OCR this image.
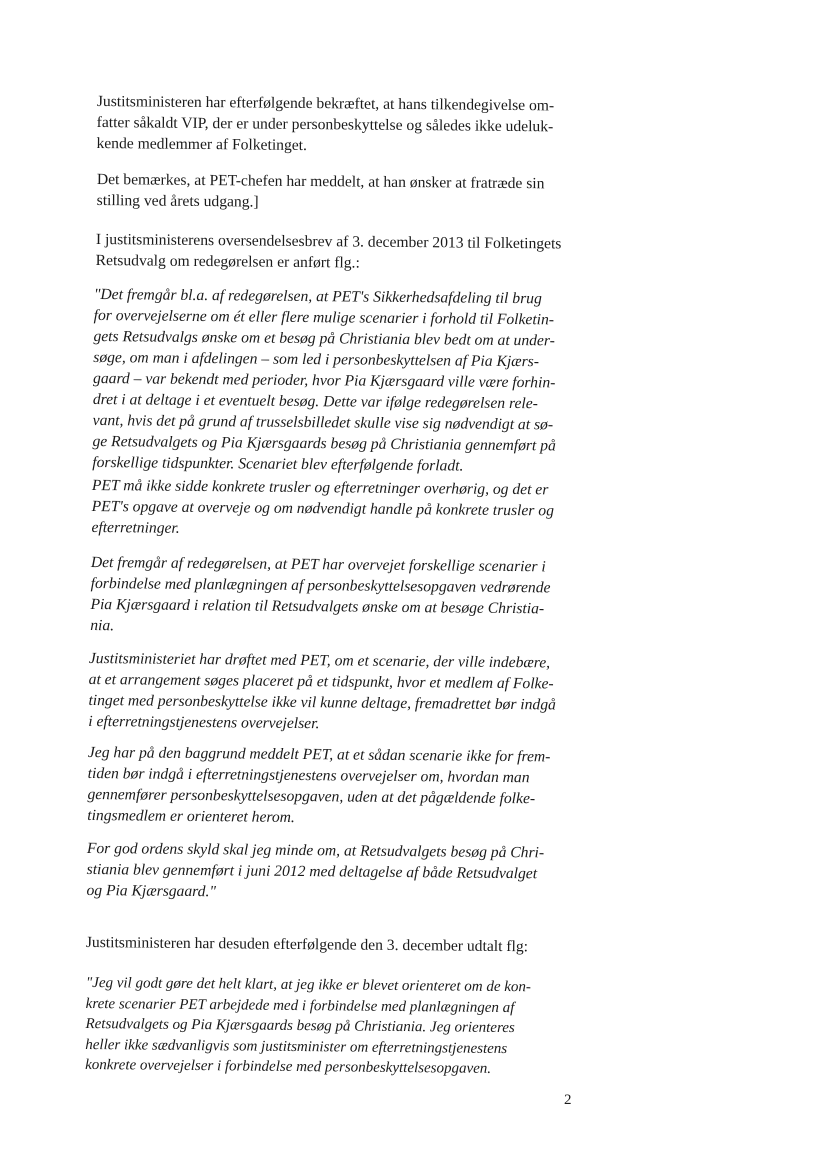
Justitsministeren har efterfølgende bekræftet, at hans tilkendegivelse om-

fatter såkaldt VIP, der er under personbeskyttelse og således ikke udeluk-

kende medlemmer af Folketinget.

Det bemærkes, at PET-chefen har meddelt, at han ønsker at fratræde sin

stilling ved årets udgang.]

I justitsministerens oversendelsesbrev af 3. december 2013 til Folketingets

Retsudvalg om redegørelsen er anført flg.:

"Det fremgår bl.a. af redegørelsen, at PET's Sikkerhedsafdeling til brug

for overvejelserne om ét eller flere mulige scenarier i forhold til Folketin-

gets Retsudvalgs ønske om et besøg på Christiania blev bedt om at under-

søge, om man i afdelingen – som led i personbeskyttelsen af Pia Kjærs-

gaard – var bekendt med perioder, hvor Pia Kjærsgaard ville være forhin-

dret i at deltage i et eventuelt besøg. Dette var ifølge redegørelsen rele-

vant, hvis det på grund af trusselsbilledet skulle vise sig nødvendigt at sø-

ge Retsudvalgets og Pia Kjærsgaards besøg på Christiania gennemført på

forskellige tidspunkter. Scenariet blev efterfølgende forladt.

PET må ikke sidde konkrete trusler og efterretninger overhørig, og det er

PET's opgave at overveje og om nødvendigt handle på konkrete trusler og

efterretninger.

Det fremgår af redegørelsen, at PET har overvejet forskellige scenarier i

forbindelse med planlægningen af personbeskyttelsesopgaven vedrørende

Pia Kjærsgaard i relation til Retsudvalgets ønske om at besøge Christia-

nia.

Justitsministeriet har drøftet med PET, om et scenarie, der ville indebære,

at et arrangement søges placeret på et tidspunkt, hvor et medlem af Folke-

tinget med personbeskyttelse ikke vil kunne deltage, fremadrettet bør indgå

i efterretningstjenestens overvejelser.

Jeg har på den baggrund meddelt PET, at et sådan scenarie ikke for frem-

tiden bør indgå i efterretningstjenestens overvejelser om, hvordan man

gennemfører personbeskyttelsesopgaven, uden at det pågældende folke-

tingsmedlem er orienteret herom.

For god ordens skyld skal jeg minde om, at Retsudvalgets besøg på Chri-

stiania blev gennemført i juni 2012 med deltagelse af både Retsudvalget

og Pia Kjærsgaard."

Justitsministeren har desuden efterfølgende den 3. december udtalt flg:

"Jeg vil godt gøre det helt klart, at jeg ikke er blevet orienteret om de kon-

krete scenarier PET arbejdede med i forbindelse med planlægningen af

Retsudvalgets og Pia Kjærsgaards besøg på Christiania. Jeg orienteres

heller ikke sædvanligvis som justitsminister om efterretningstjenestens

konkrete overvejelser i forbindelse med personbeskyttelsesopgaven.

2
